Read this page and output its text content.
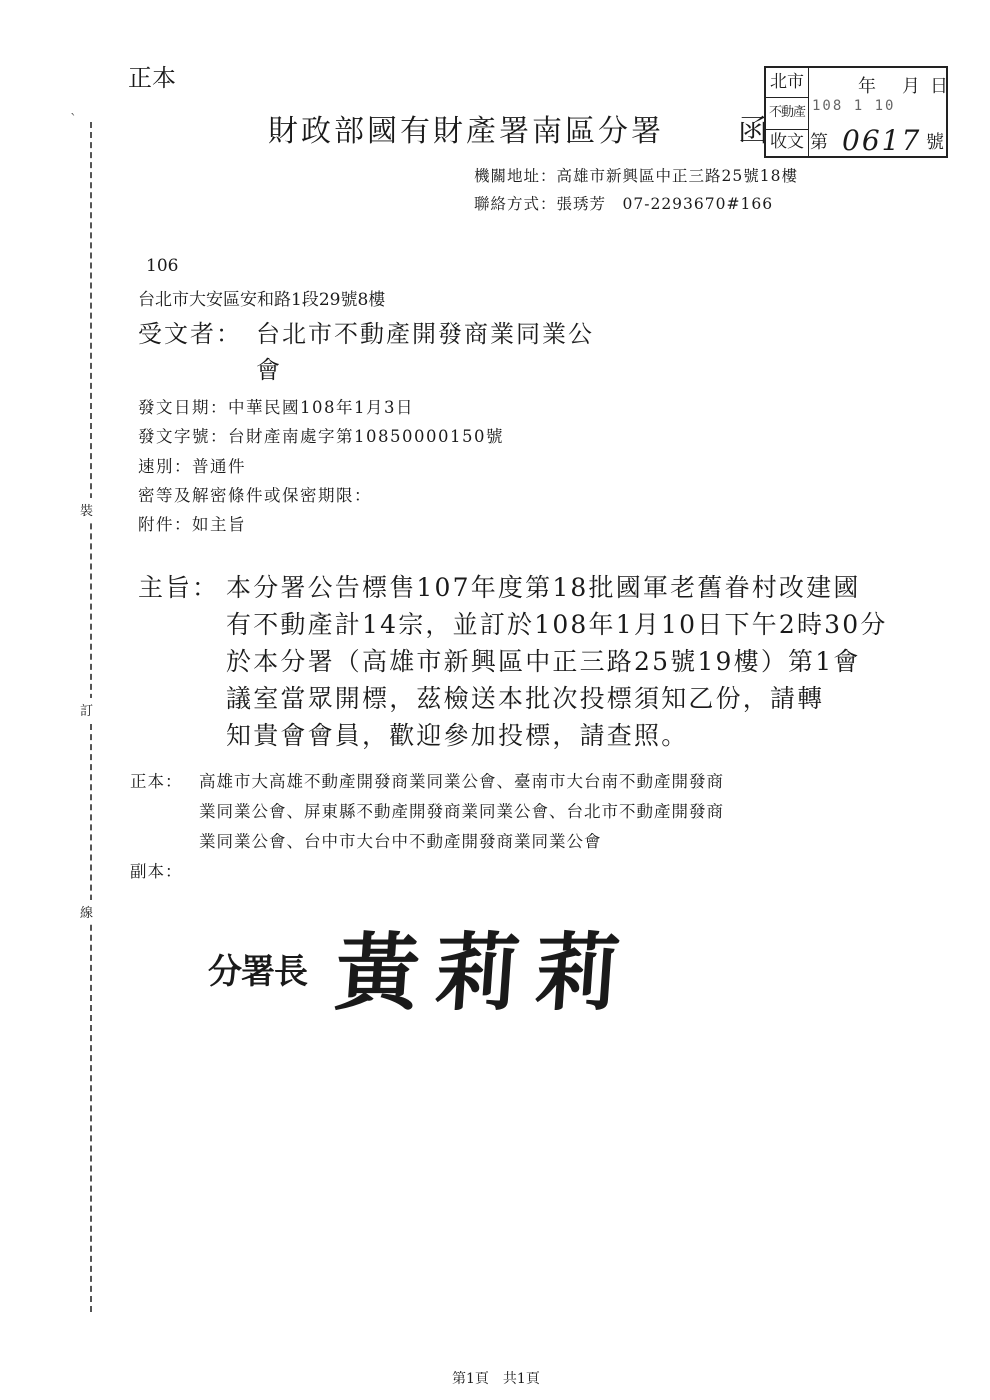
正本
財政部國有財產署南區分署 函
北市
不動產
收文
年 月 日
108 1 10
第 0617 號
機關地址：高雄市新興區中正三路25號18樓
聯絡方式：張琇芳　07-2293670#166
ˋ
裝
訂
線
106
台北市大安區安和路1段29號8樓
受文者： 台北市不動產開發商業同業公
會
發文日期：中華民國108年1月3日
發文字號：台財產南處字第10850000150號
速別：普通件
密等及解密條件或保密期限：
附件：如主旨
主旨： 本分署公告標售107年度第18批國軍老舊眷村改建國
有不動產計14宗，並訂於108年1月10日下午2時30分
於本分署（高雄市新興區中正三路25號19樓）第1會
議室當眾開標，茲檢送本批次投標須知乙份，請轉
知貴會會員，歡迎參加投標，請查照。
正本： 高雄市大高雄不動產開發商業同業公會、臺南市大台南不動產開發商
業同業公會、屏東縣不動產開發商業同業公會、台北市不動產開發商
業同業公會、台中市大台中不動產開發商業同業公會
副本：
分署長 黃莉莉
第1頁 共1頁
